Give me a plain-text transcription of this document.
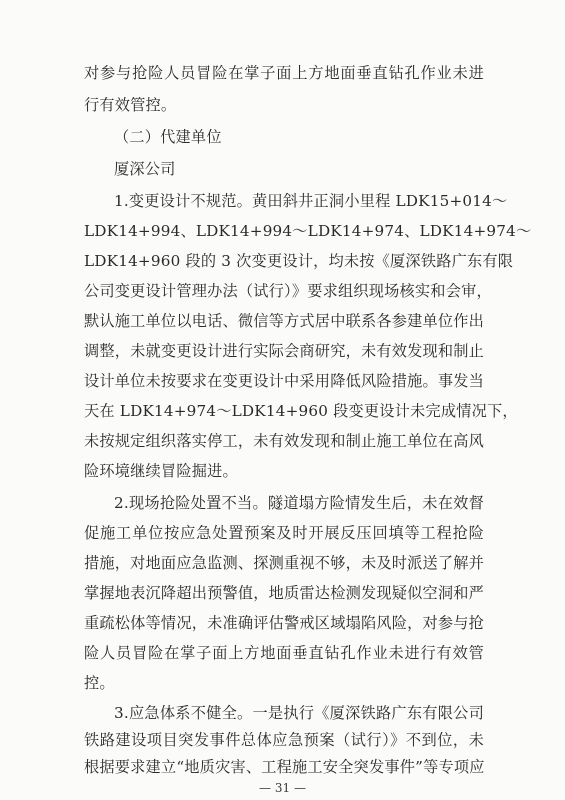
对参与抢险人员冒险在掌子面上方地面垂直钻孔作业未进
行有效管控。
（二）代建单位
厦深公司
1.变更设计不规范。黄田斜井正洞小里程 LDK15+014～
LDK14+994、LDK14+994～LDK14+974、LDK14+974～
LDK14+960 段的 3 次变更设计，均未按《厦深铁路广东有限
公司变更设计管理办法（试行）》要求组织现场核实和会审，
默认施工单位以电话、微信等方式居中联系各参建单位作出
调整，未就变更设计进行实际会商研究，未有效发现和制止
设计单位未按要求在变更设计中采用降低风险措施。事发当
天在 LDK14+974～LDK14+960 段变更设计未完成情况下，
未按规定组织落实停工，未有效发现和制止施工单位在高风
险环境继续冒险掘进。
2.现场抢险处置不当。隧道塌方险情发生后，未在效督
促施工单位按应急处置预案及时开展反压回填等工程抢险
措施，对地面应急监测、探测重视不够，未及时派送了解并
掌握地表沉降超出预警值，地质雷达检测发现疑似空洞和严
重疏松体等情况，未准确评估警戒区域塌陷风险，对参与抢
险人员冒险在掌子面上方地面垂直钻孔作业未进行有效管
控。
— 31 —
3.应急体系不健全。一是执行《厦深铁路广东有限公司
铁路建设项目突发事件总体应急预案（试行）》不到位，未
根据要求建立“地质灾害、工程施工安全突发事件”等专项应
